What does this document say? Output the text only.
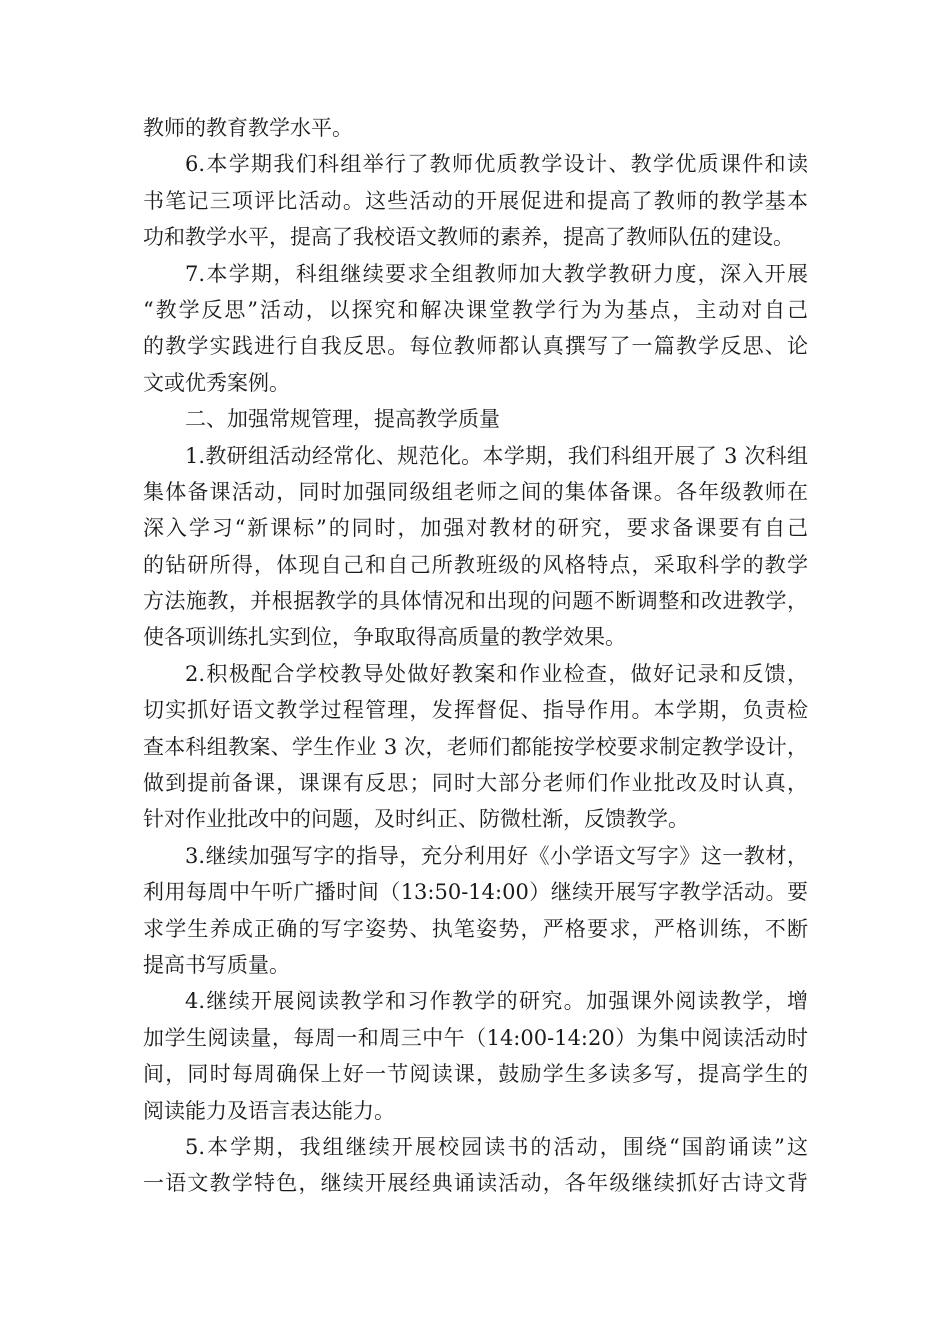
教师的教育教学水平。
6.本学期我们科组举行了教师优质教学设计、教学优质课件和读
书笔记三项评比活动。这些活动的开展促进和提高了教师的教学基本
功和教学水平，提高了我校语文教师的素养，提高了教师队伍的建设。
7.本学期，科组继续要求全组教师加大教学教研力度，深入开展
“教学反思”活动，以探究和解决课堂教学行为为基点，主动对自己
的教学实践进行自我反思。每位教师都认真撰写了一篇教学反思、论
文或优秀案例。
二、加强常规管理，提高教学质量
1.教研组活动经常化、规范化。本学期，我们科组开展了 3 次科组
集体备课活动，同时加强同级组老师之间的集体备课。各年级教师在
深入学习“新课标”的同时，加强对教材的研究，要求备课要有自己
的钻研所得，体现自己和自己所教班级的风格特点，采取科学的教学
方法施教，并根据教学的具体情况和出现的问题不断调整和改进教学，
使各项训练扎实到位，争取取得高质量的教学效果。
2.积极配合学校教导处做好教案和作业检查，做好记录和反馈，
切实抓好语文教学过程管理，发挥督促、指导作用。本学期，负责检
查本科组教案、学生作业 3 次，老师们都能按学校要求制定教学设计，
做到提前备课，课课有反思；同时大部分老师们作业批改及时认真，
针对作业批改中的问题，及时纠正、防微杜渐，反馈教学。
3.继续加强写字的指导，充分利用好《小学语文写字》这一教材，
利用每周中午听广播时间（13:50-14:00）继续开展写字教学活动。要
求学生养成正确的写字姿势、执笔姿势，严格要求，严格训练，不断
提高书写质量。
4.继续开展阅读教学和习作教学的研究。加强课外阅读教学，增
加学生阅读量，每周一和周三中午（14:00-14:20）为集中阅读活动时
间，同时每周确保上好一节阅读课，鼓励学生多读多写，提高学生的
阅读能力及语言表达能力。
5.本学期，我组继续开展校园读书的活动，围绕“国韵诵读”这
一语文教学特色，继续开展经典诵读活动，各年级继续抓好古诗文背
